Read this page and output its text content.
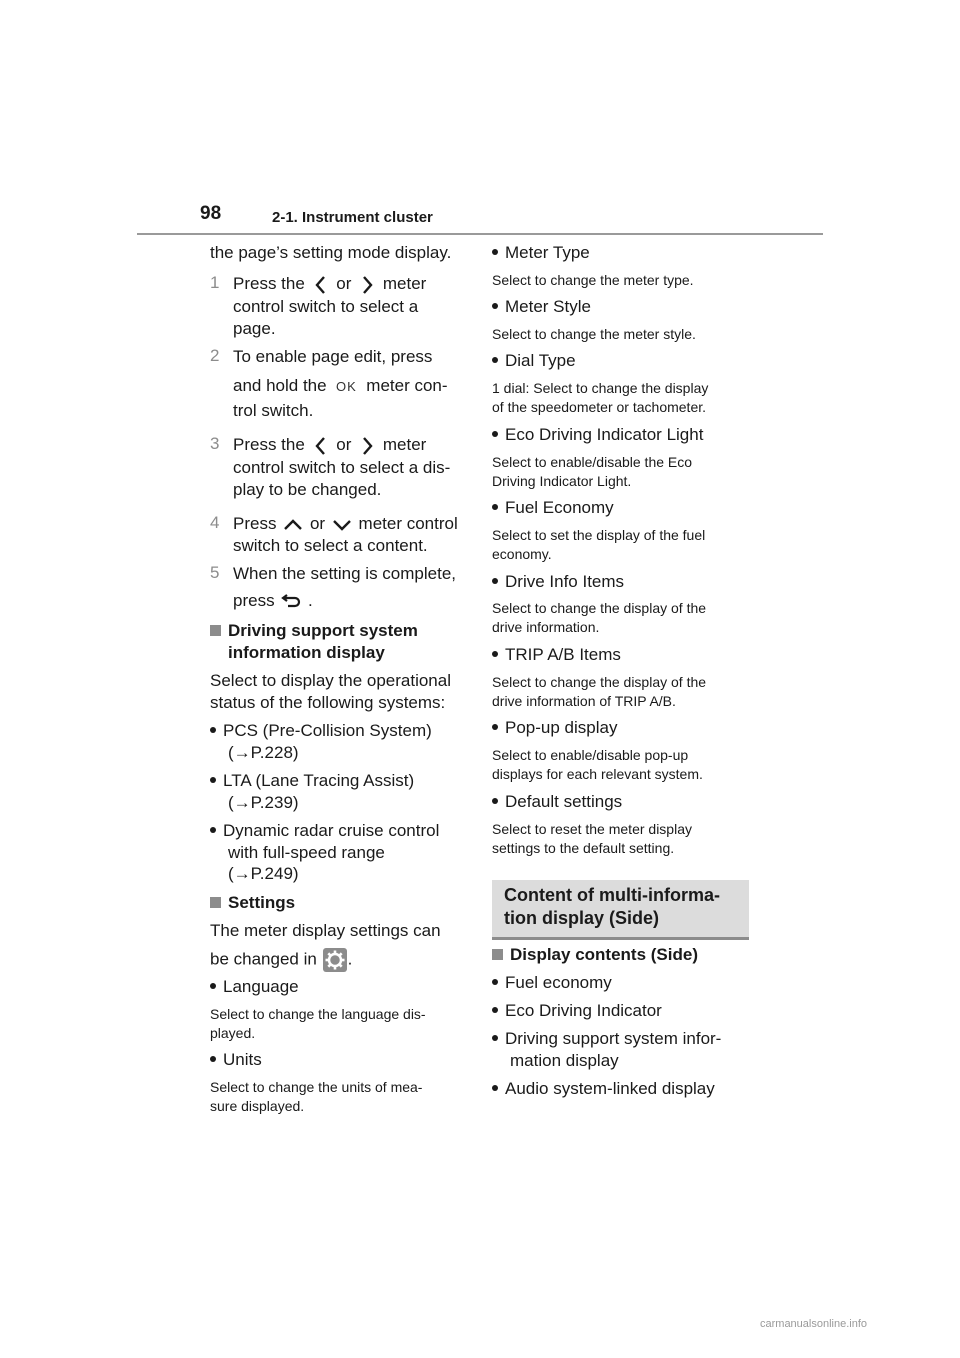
98	2-1. Instrument cluster
the page’s setting mode display.
1 Press the or meter
control switch to select a
page.
2 To enable page edit, press
and hold the OK meter con-
trol switch.
3 Press the or meter
control switch to select a dis-
play to be changed.
4 Press or meter control
switch to select a content.
5 When the setting is complete,
press .
Driving support system
information display
Select to display the operational
status of the following systems:
PCS (Pre-Collision System)
(→P.228)
LTA (Lane Tracing Assist)
(→P.239)
Dynamic radar cruise control
with full-speed range
(→P.249)
Settings
The meter display settings can
be changed in .
Language
Select to change the language dis-
played.
Units
Select to change the units of mea-
sure displayed.
Meter Type
Select to change the meter type.
Meter Style
Select to change the meter style.
Dial Type
1 dial: Select to change the display
of the speedometer or tachometer.
Eco Driving Indicator Light
Select to enable/disable the Eco
Driving Indicator Light.
Fuel Economy
Select to set the display of the fuel
economy.
Drive Info Items
Select to change the display of the
drive information.
TRIP A/B Items
Select to change the display of the
drive information of TRIP A/B.
Pop-up display
Select to enable/disable pop-up
displays for each relevant system.
Default settings
Select to reset the meter display
settings to the default setting.
Content of multi-informa-
tion display (Side)
Display contents (Side)
Fuel economy
Eco Driving Indicator
Driving support system infor-
mation display
Audio system-linked display
carmanualsonline.info
